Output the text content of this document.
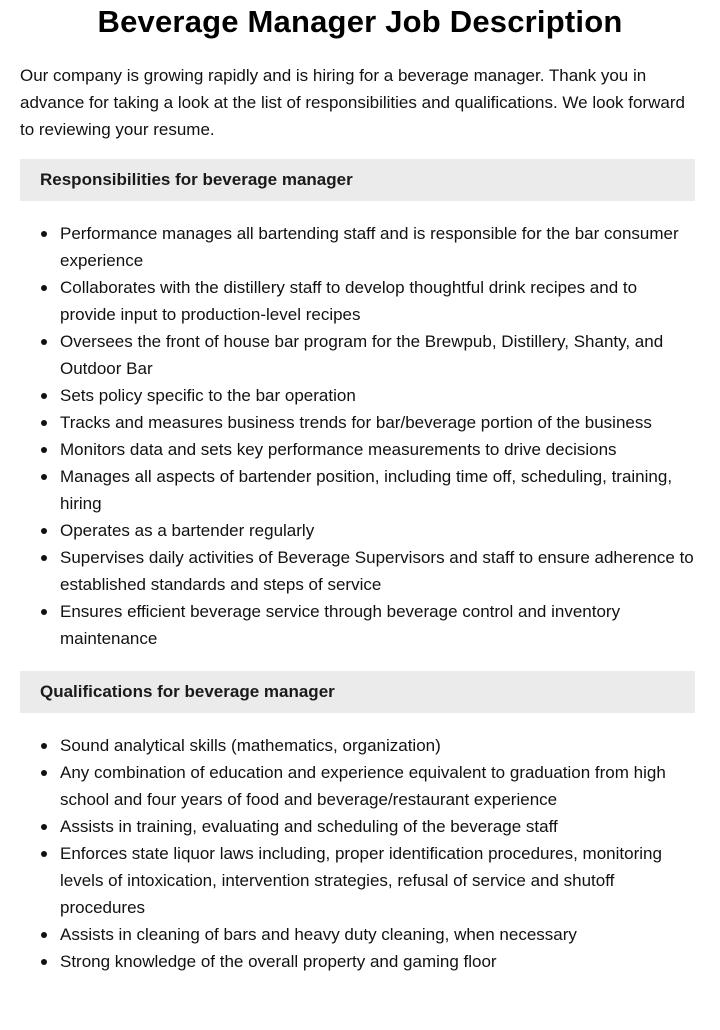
Beverage Manager Job Description

Our company is growing rapidly and is hiring for a beverage manager. Thank you in advance for taking a look at the list of responsibilities and qualifications. We look forward to reviewing your resume.

Responsibilities for beverage manager
Performance manages all bartending staff and is responsible for the bar consumer experience
Collaborates with the distillery staff to develop thoughtful drink recipes and to provide input to production-level recipes
Oversees the front of house bar program for the Brewpub, Distillery, Shanty, and Outdoor Bar
Sets policy specific to the bar operation
Tracks and measures business trends for bar/beverage portion of the business
Monitors data and sets key performance measurements to drive decisions
Manages all aspects of bartender position, including time off, scheduling, training, hiring
Operates as a bartender regularly
Supervises daily activities of Beverage Supervisors and staff to ensure adherence to established standards and steps of service
Ensures efficient beverage service through beverage control and inventory maintenance
Qualifications for beverage manager
Sound analytical skills (mathematics, organization)
Any combination of education and experience equivalent to graduation from high school and four years of food and beverage/restaurant experience
Assists in training, evaluating and scheduling of the beverage staff
Enforces state liquor laws including, proper identification procedures, monitoring levels of intoxication, intervention strategies, refusal of service and shutoff procedures
Assists in cleaning of bars and heavy duty cleaning, when necessary
Strong knowledge of the overall property and gaming floor
